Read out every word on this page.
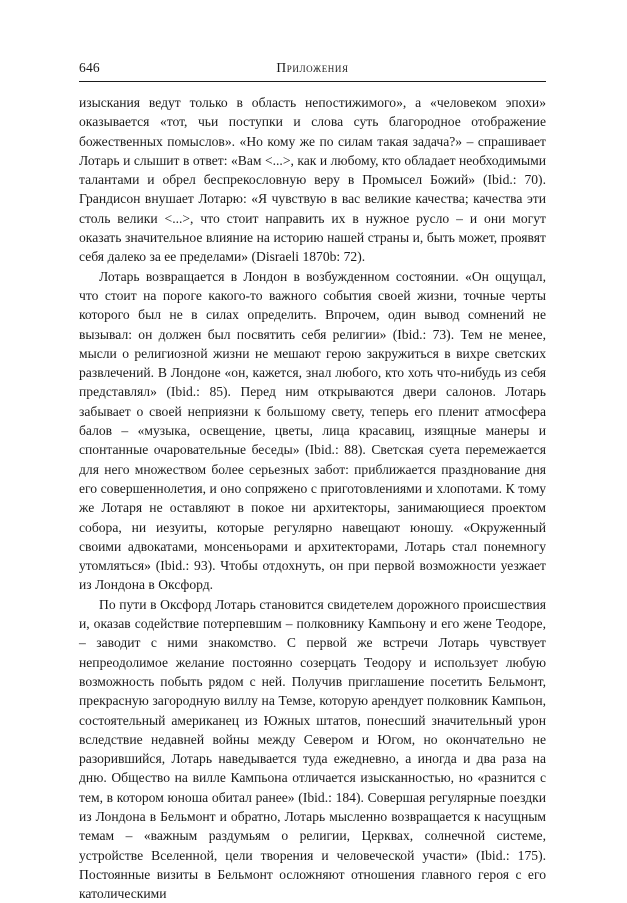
646	Приложения

изыскания ведут только в область непостижимого», а «человеком эпохи» оказывается «тот, чьи поступки и слова суть благородное отображение божественных помыслов». «Но кому же по силам такая задача?» – спрашивает Лотарь и слышит в ответ: «Вам <...>, как и любому, кто обладает необходимыми талантами и обрел беспрекословную веру в Промысел Божий» (Ibid.: 70). Грандисон внушает Лотарю: «Я чувствую в вас великие качества; качества эти столь велики <...>, что стоит направить их в нужное русло – и они могут оказать значительное влияние на историю нашей страны и, быть может, проявят себя далеко за ее пределами» (Disraeli 1870b: 72).

Лотарь возвращается в Лондон в возбужденном состоянии. «Он ощущал, что стоит на пороге какого-то важного события своей жизни, точные черты которого был не в силах определить. Впрочем, один вывод сомнений не вызывал: он должен был посвятить себя религии» (Ibid.: 73). Тем не менее, мысли о религиозной жизни не мешают герою закружиться в вихре светских развлечений. В Лондоне «он, кажется, знал любого, кто хоть что-нибудь из себя представлял» (Ibid.: 85). Перед ним открываются двери салонов. Лотарь забывает о своей неприязни к большому свету, теперь его пленит атмосфера балов – «музыка, освещение, цветы, лица красавиц, изящные манеры и спонтанные очаровательные беседы» (Ibid.: 88). Светская суета перемежается для него множеством более серьезных забот: приближается празднование дня его совершеннолетия, и оно сопряжено с приготовлениями и хлопотами. К тому же Лотаря не оставляют в покое ни архитекторы, занимающиеся проектом собора, ни иезуиты, которые регулярно навещают юношу. «Окруженный своими адвокатами, монсеньорами и архитекторами, Лотарь стал понемногу утомляться» (Ibid.: 93). Чтобы отдохнуть, он при первой возможности уезжает из Лондона в Оксфорд.

По пути в Оксфорд Лотарь становится свидетелем дорожного происшествия и, оказав содействие потерпевшим – полковнику Кампьону и его жене Теодоре, – заводит с ними знакомство. С первой же встречи Лотарь чувствует непреодолимое желание постоянно созерцать Теодору и использует любую возможность побыть рядом с ней. Получив приглашение посетить Бельмонт, прекрасную загородную виллу на Темзе, которую арендует полковник Кампьон, состоятельный американец из Южных штатов, понесший значительный урон вследствие недавней войны между Севером и Югом, но окончательно не разорившийся, Лотарь наведывается туда ежедневно, а иногда и два раза на дню. Общество на вилле Кампьона отличается изысканностью, но «разнится с тем, в котором юноша обитал ранее» (Ibid.: 184). Совершая регулярные поездки из Лондона в Бельмонт и обратно, Лотарь мысленно возвращается к насущным темам – «важным раздумьям о религии, Церквах, солнечной системе, устройстве Вселенной, цели творения и человеческой участи» (Ibid.: 175). Постоянные визиты в Бельмонт осложняют отношения главного героя с его католическими
